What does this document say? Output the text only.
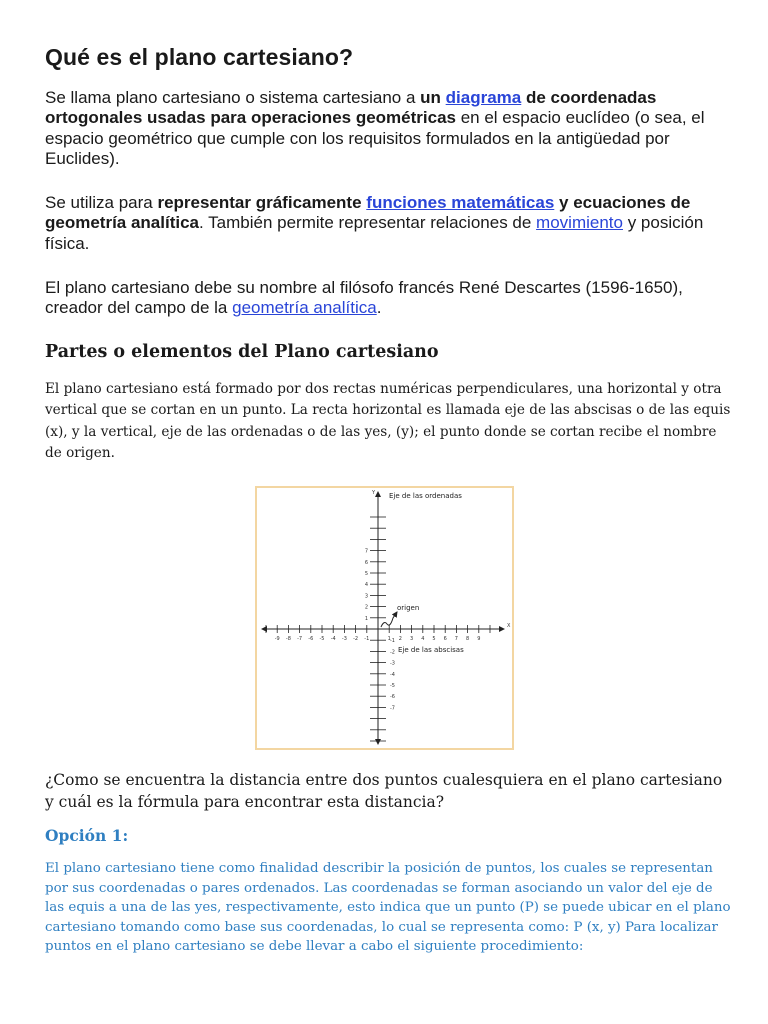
Qué es el plano cartesiano?

Se llama plano cartesiano o sistema cartesiano a un diagrama de coordenadas ortogonales usadas para operaciones geométricas en el espacio euclídeo (o sea, el espacio geométrico que cumple con los requisitos formulados en la antigüedad por Euclides).

Se utiliza para representar gráficamente funciones matemáticas y ecuaciones de geometría analítica. También permite representar relaciones de movimiento y posición física.

El plano cartesiano debe su nombre al filósofo francés René Descartes (1596-1650), creador del campo de la geometría analítica.

Partes o elementos del Plano cartesiano

El plano cartesiano está formado por dos rectas numéricas perpendiculares, una horizontal y otra vertical que se cortan en un punto. La recta horizontal es llamada eje de las abscisas o de las equis (x), y la vertical, eje de las ordenadas o de las yes, (y); el punto donde se cortan recibe el nombre de origen.

1 2 3 4 5 6 7 8 9
-9 -8 -7 -6 -5 -4 -3 -2 -1
7
6
5
4
3
2
1
-1
-2
-3
-4
-5
-6
-7
X
Y Eje de las ordenadas
Eje de las abscisas
origen

¿Como se encuentra la distancia entre dos puntos cualesquiera en el plano cartesiano y cuál es la fórmula para encontrar esta distancia?

Opción 1:

El plano cartesiano tiene como finalidad describir la posición de puntos, los cuales se representan por sus coordenadas o pares ordenados. Las coordenadas se forman asociando un valor del eje de las equis a una de las yes, respectivamente, esto indica que un punto (P) se puede ubicar en el plano cartesiano tomando como base sus coordenadas, lo cual se representa como: P (x, y) Para localizar puntos en el plano cartesiano se debe llevar a cabo el siguiente procedimiento:
